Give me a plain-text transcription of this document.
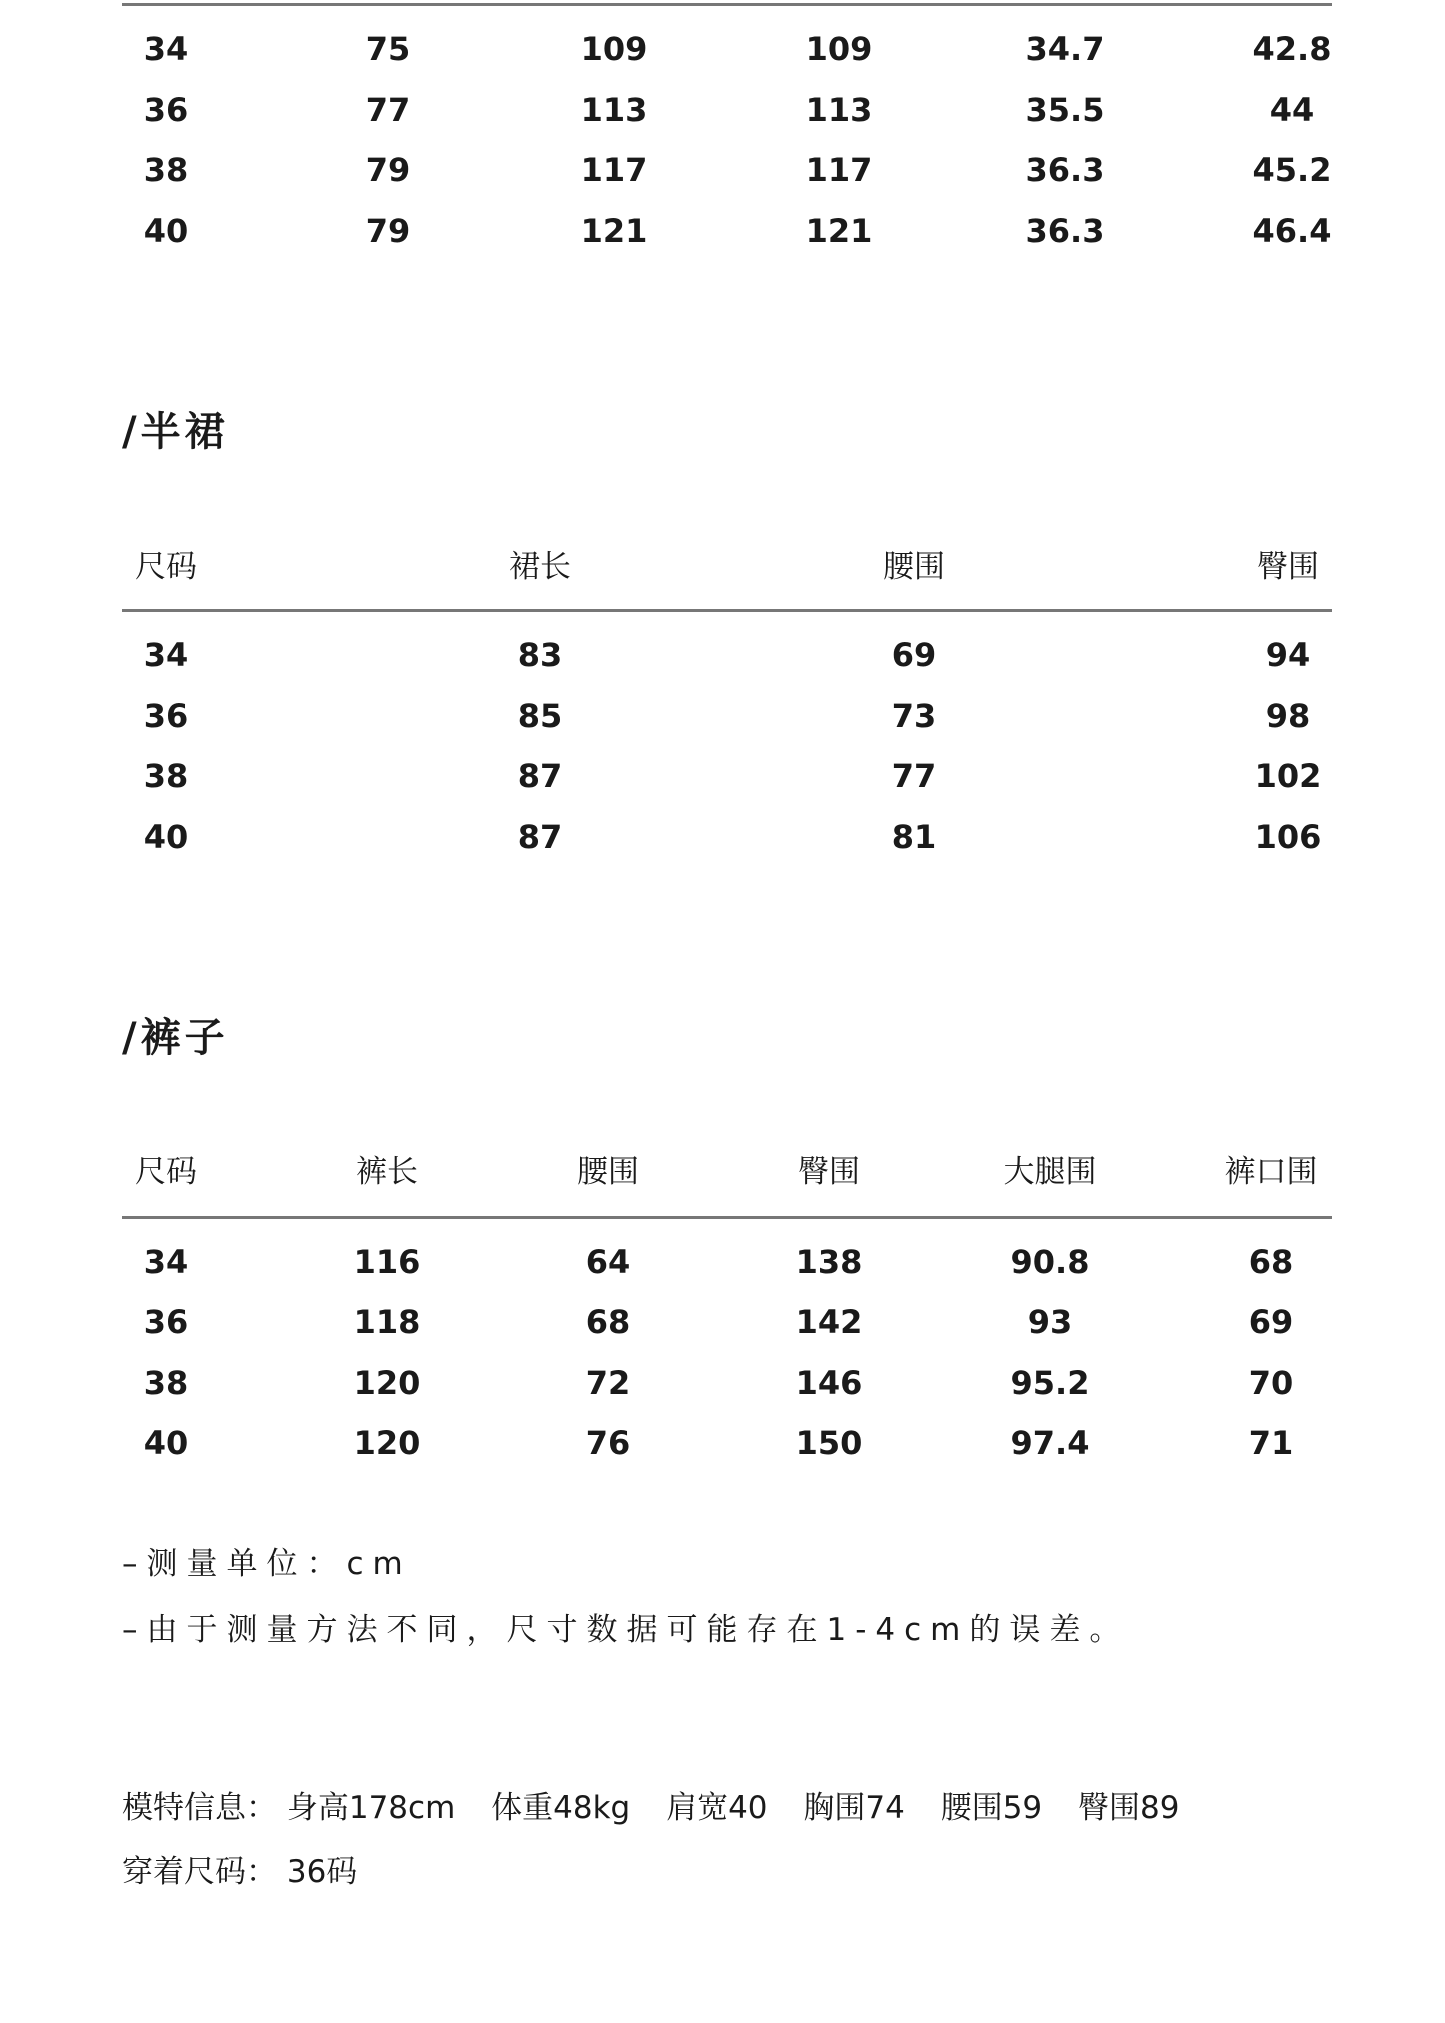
34	75	109	109	34.7	42.8
36	77	113	113	35.5	44
38	79	117	117	36.3	45.2
40	79	121	121	36.3	46.4
/半裙
尺码	裙长	腰围	臀围
34	83	69	94
36	85	73	98
38	87	77	102
40	87	81	106
/裤子
尺码	裤长	腰围	臀围	大腿围	裤口围
34	116	64	138	90.8	68
36	118	68	142	93	69
38	120	72	146	95.2	70
40	120	76	150	97.4	71
–测量单位：cm
–由于测量方法不同，尺寸数据可能存在1-4cm的误差。
模特信息： 身高178cm 体重48kg 肩宽40 胸围74 腰围59 臀围89
穿着尺码： 36码
